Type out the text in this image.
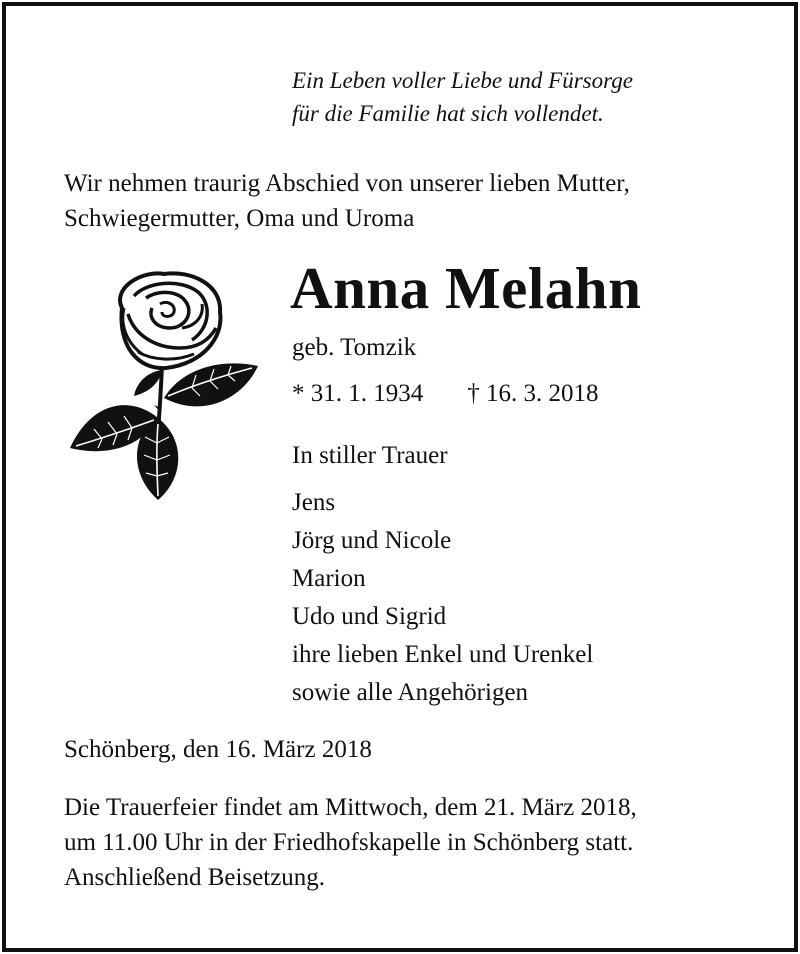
Ein Leben voller Liebe und Fürsorge
für die Familie hat sich vollendet.
Wir nehmen traurig Abschied von unserer lieben Mutter,
Schwiegermutter, Oma und Uroma
Anna Melahn
geb. Tomzik
* 31. 1. 1934 † 16. 3. 2018
In stiller Trauer
Jens
Jörg und Nicole
Marion
Udo und Sigrid
ihre lieben Enkel und Urenkel
sowie alle Angehörigen
Schönberg, den 16. März 2018
Die Trauerfeier findet am Mittwoch, dem 21. März 2018,
um 11.00 Uhr in der Friedhofskapelle in Schönberg statt.
Anschließend Beisetzung.
